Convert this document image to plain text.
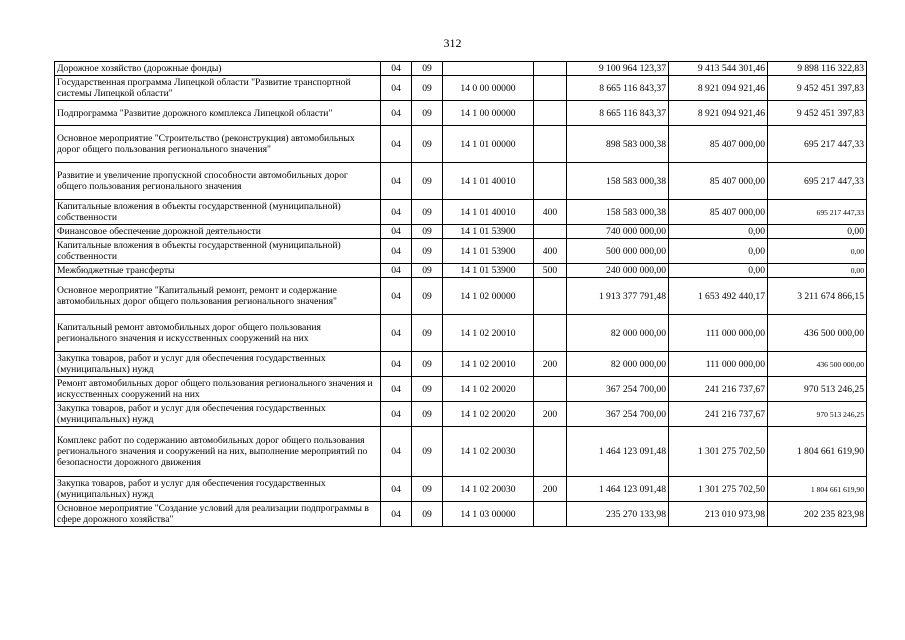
312
Дорожное хозяйство (дорожные фонды)	04	09			9 100 964 123,37	9 413 544 301,46	9 898 116 322,83
Государственная программа Липецкой области "Развитие транспортной системы Липецкой области"	04	09	14 0 00 00000		8 665 116 843,37	8 921 094 921,46	9 452 451 397,83
Подпрограмма "Развитие дорожного комплекса Липецкой области"	04	09	14 1 00 00000		8 665 116 843,37	8 921 094 921,46	9 452 451 397,83
Основное мероприятие "Строительство (реконструкция) автомобильных дорог общего пользования регионального значения"	04	09	14 1 01 00000		898 583 000,38	85 407 000,00	695 217 447,33
Развитие и увеличение пропускной способности автомобильных дорог общего пользования регионального значения	04	09	14 1 01 40010		158 583 000,38	85 407 000,00	695 217 447,33
Капитальные вложения в объекты государственной (муниципальной) собственности	04	09	14 1 01 40010	400	158 583 000,38	85 407 000,00	695 217 447,33
Финансовое обеспечение дорожной деятельности	04	09	14 1 01 53900		740 000 000,00	0,00	0,00
Капитальные вложения в объекты государственной (муниципальной) собственности	04	09	14 1 01 53900	400	500 000 000,00	0,00	0,00
Межбюджетные трансферты	04	09	14 1 01 53900	500	240 000 000,00	0,00	0,00
Основное мероприятие "Капитальный ремонт, ремонт и содержание автомобильных дорог общего пользования регионального значения"	04	09	14 1 02 00000		1 913 377 791,48	1 653 492 440,17	3 211 674 866,15
Капитальный ремонт автомобильных дорог общего пользования регионального значения и искусственных сооружений на них	04	09	14 1 02 20010		82 000 000,00	111 000 000,00	436 500 000,00
Закупка товаров, работ и услуг для обеспечения государственных (муниципальных) нужд	04	09	14 1 02 20010	200	82 000 000,00	111 000 000,00	436 500 000,00
Ремонт автомобильных дорог общего пользования регионального значения и искусственных сооружений на них	04	09	14 1 02 20020		367 254 700,00	241 216 737,67	970 513 246,25
Закупка товаров, работ и услуг для обеспечения государственных (муниципальных) нужд	04	09	14 1 02 20020	200	367 254 700,00	241 216 737,67	970 513 246,25
Комплекс работ по содержанию автомобильных дорог общего пользования регионального значения и сооружений на них, выполнение мероприятий по безопасности дорожного движения	04	09	14 1 02 20030		1 464 123 091,48	1 301 275 702,50	1 804 661 619,90
Закупка товаров, работ и услуг для обеспечения государственных (муниципальных) нужд	04	09	14 1 02 20030	200	1 464 123 091,48	1 301 275 702,50	1 804 661 619,90
Основное мероприятие "Создание условий для реализации подпрограммы в сфере дорожного хозяйства"	04	09	14 1 03 00000		235 270 133,98	213 010 973,98	202 235 823,98
